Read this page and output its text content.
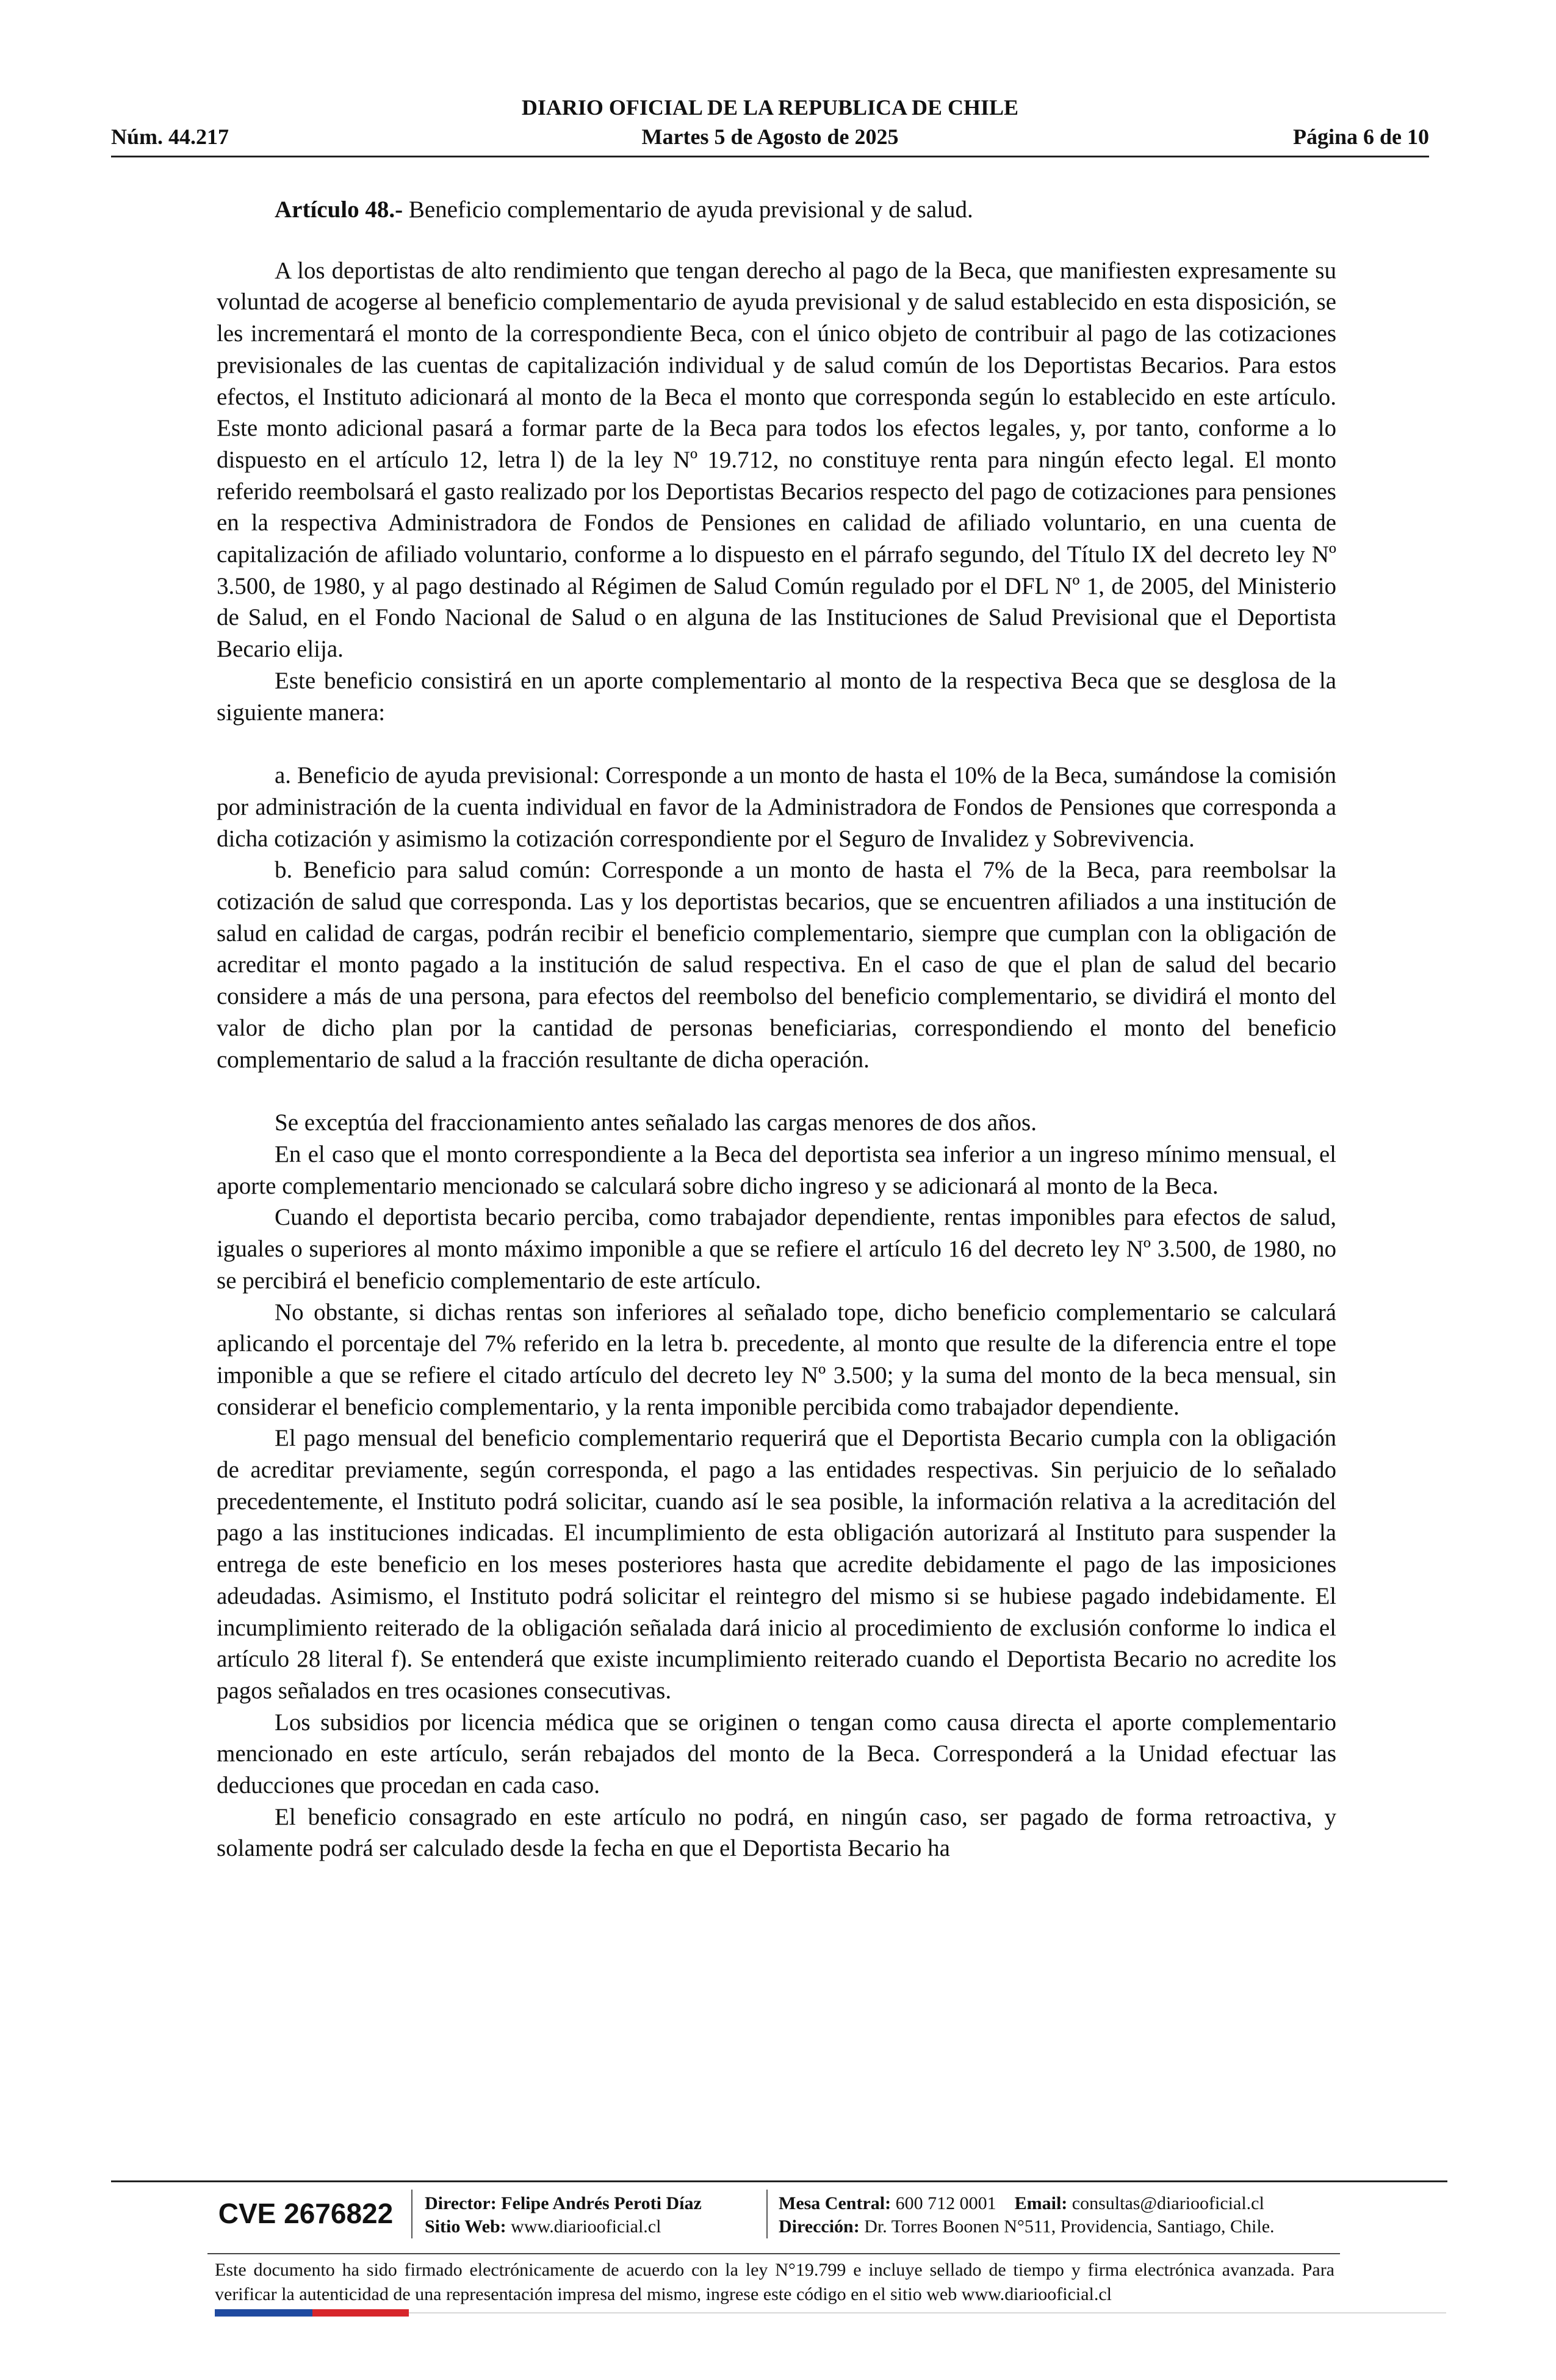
DIARIO OFICIAL DE LA REPUBLICA DE CHILE
Núm. 44.217	Martes 5 de Agosto de 2025	Página 6 de 10

Artículo 48.- Beneficio complementario de ayuda previsional y de salud.

A los deportistas de alto rendimiento que tengan derecho al pago de la Beca, que manifiesten expresamente su voluntad de acogerse al beneficio complementario de ayuda previsional y de salud establecido en esta disposición, se les incrementará el monto de la correspondiente Beca, con el único objeto de contribuir al pago de las cotizaciones previsionales de las cuentas de capitalización individual y de salud común de los Deportistas Becarios. Para estos efectos, el Instituto adicionará al monto de la Beca el monto que corresponda según lo establecido en este artículo. Este monto adicional pasará a formar parte de la Beca para todos los efectos legales, y, por tanto, conforme a lo dispuesto en el artículo 12, letra l) de la ley Nº 19.712, no constituye renta para ningún efecto legal. El monto referido reembolsará el gasto realizado por los Deportistas Becarios respecto del pago de cotizaciones para pensiones en la respectiva Administradora de Fondos de Pensiones en calidad de afiliado voluntario, en una cuenta de capitalización de afiliado voluntario, conforme a lo dispuesto en el párrafo segundo, del Título IX del decreto ley Nº 3.500, de 1980, y al pago destinado al Régimen de Salud Común regulado por el DFL Nº 1, de 2005, del Ministerio de Salud, en el Fondo Nacional de Salud o en alguna de las Instituciones de Salud Previsional que el Deportista Becario elija.

Este beneficio consistirá en un aporte complementario al monto de la respectiva Beca que se desglosa de la siguiente manera:

a. Beneficio de ayuda previsional: Corresponde a un monto de hasta el 10% de la Beca, sumándose la comisión por administración de la cuenta individual en favor de la Administradora de Fondos de Pensiones que corresponda a dicha cotización y asimismo la cotización correspondiente por el Seguro de Invalidez y Sobrevivencia.

b. Beneficio para salud común: Corresponde a un monto de hasta el 7% de la Beca, para reembolsar la cotización de salud que corresponda. Las y los deportistas becarios, que se encuentren afiliados a una institución de salud en calidad de cargas, podrán recibir el beneficio complementario, siempre que cumplan con la obligación de acreditar el monto pagado a la institución de salud respectiva. En el caso de que el plan de salud del becario considere a más de una persona, para efectos del reembolso del beneficio complementario, se dividirá el monto del valor de dicho plan por la cantidad de personas beneficiarias, correspondiendo el monto del beneficio complementario de salud a la fracción resultante de dicha operación.

Se exceptúa del fraccionamiento antes señalado las cargas menores de dos años.

En el caso que el monto correspondiente a la Beca del deportista sea inferior a un ingreso mínimo mensual, el aporte complementario mencionado se calculará sobre dicho ingreso y se adicionará al monto de la Beca.

Cuando el deportista becario perciba, como trabajador dependiente, rentas imponibles para efectos de salud, iguales o superiores al monto máximo imponible a que se refiere el artículo 16 del decreto ley Nº 3.500, de 1980, no se percibirá el beneficio complementario de este artículo.

No obstante, si dichas rentas son inferiores al señalado tope, dicho beneficio complementario se calculará aplicando el porcentaje del 7% referido en la letra b. precedente, al monto que resulte de la diferencia entre el tope imponible a que se refiere el citado artículo del decreto ley Nº 3.500; y la suma del monto de la beca mensual, sin considerar el beneficio complementario, y la renta imponible percibida como trabajador dependiente.

El pago mensual del beneficio complementario requerirá que el Deportista Becario cumpla con la obligación de acreditar previamente, según corresponda, el pago a las entidades respectivas. Sin perjuicio de lo señalado precedentemente, el Instituto podrá solicitar, cuando así le sea posible, la información relativa a la acreditación del pago a las instituciones indicadas. El incumplimiento de esta obligación autorizará al Instituto para suspender la entrega de este beneficio en los meses posteriores hasta que acredite debidamente el pago de las imposiciones adeudadas. Asimismo, el Instituto podrá solicitar el reintegro del mismo si se hubiese pagado indebidamente. El incumplimiento reiterado de la obligación señalada dará inicio al procedimiento de exclusión conforme lo indica el artículo 28 literal f). Se entenderá que existe incumplimiento reiterado cuando el Deportista Becario no acredite los pagos señalados en tres ocasiones consecutivas.

Los subsidios por licencia médica que se originen o tengan como causa directa el aporte complementario mencionado en este artículo, serán rebajados del monto de la Beca. Corresponderá a la Unidad efectuar las deducciones que procedan en cada caso.

El beneficio consagrado en este artículo no podrá, en ningún caso, ser pagado de forma retroactiva, y solamente podrá ser calculado desde la fecha en que el Deportista Becario ha

CVE 2676822	Director: Felipe Andrés Peroti Díaz
Sitio Web: www.diariooficial.cl
Mesa Central: 600 712 0001 Email: consultas@diariooficial.cl
Dirección: Dr. Torres Boonen N°511, Providencia, Santiago, Chile.
Este documento ha sido firmado electrónicamente de acuerdo con la ley N°19.799 e incluye sellado de tiempo y firma electrónica avanzada. Para verificar la autenticidad de una representación impresa del mismo, ingrese este código en el sitio web www.diariooficial.cl
